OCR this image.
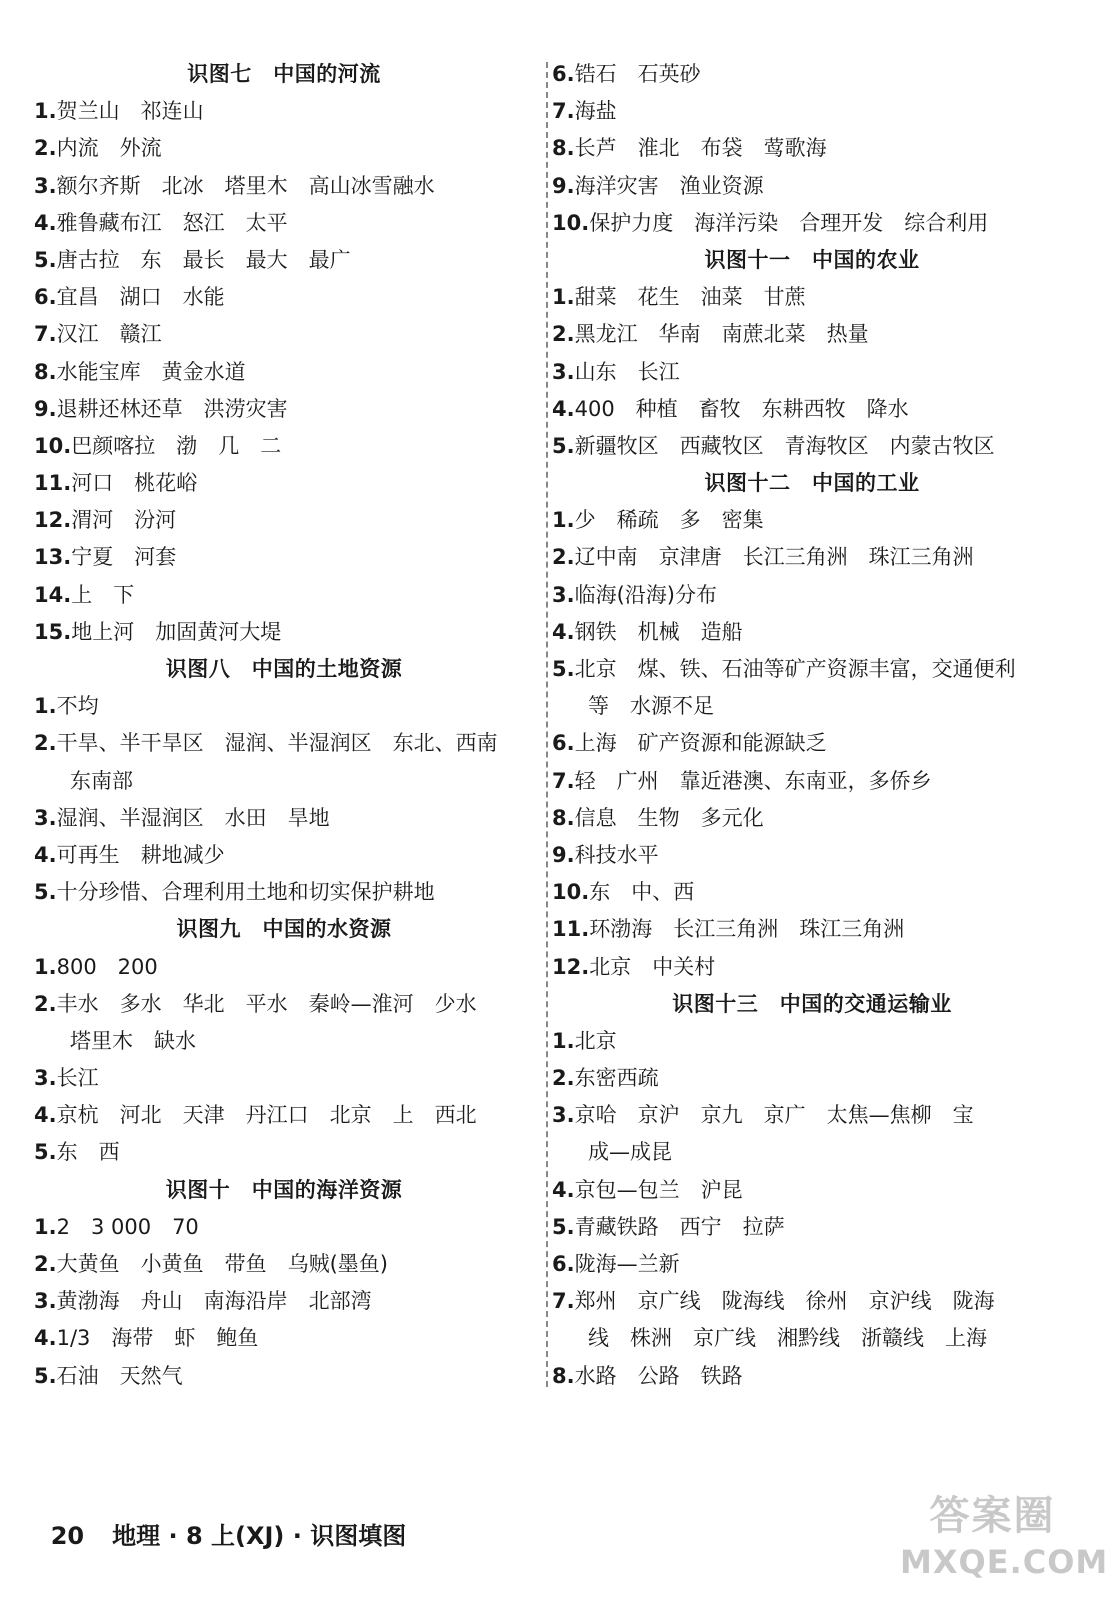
识图七　中国的河流
1.贺兰山　祁连山
2.内流　外流
3.额尔齐斯　北冰　塔里木　高山冰雪融水
4.雅鲁藏布江　怒江　太平
5.唐古拉　东　最长　最大　最广
6.宜昌　湖口　水能
7.汉江　赣江
8.水能宝库　黄金水道
9.退耕还林还草　洪涝灾害
10.巴颜喀拉　渤　几　二
11.河口　桃花峪
12.渭河　汾河
13.宁夏　河套
14.上　下
15.地上河　加固黄河大堤
识图八　中国的土地资源
1.不均
2.干旱、半干旱区　湿润、半湿润区　东北、西南
东南部
3.湿润、半湿润区　水田　旱地
4.可再生　耕地减少
5.十分珍惜、合理利用土地和切实保护耕地
识图九　中国的水资源
1.800　200
2.丰水　多水　华北　平水　秦岭—淮河　少水
塔里木　缺水
3.长江
4.京杭　河北　天津　丹江口　北京　上　西北
5.东　西
识图十　中国的海洋资源
1.2　3 000　70
2.大黄鱼　小黄鱼　带鱼　乌贼(墨鱼)
3.黄渤海　舟山　南海沿岸　北部湾
4.1/3　海带　虾　鲍鱼
5.石油　天然气
6.锆石　石英砂
7.海盐
8.长芦　淮北　布袋　莺歌海
9.海洋灾害　渔业资源
10.保护力度　海洋污染　合理开发　综合利用
识图十一　中国的农业
1.甜菜　花生　油菜　甘蔗
2.黑龙江　华南　南蔗北菜　热量
3.山东　长江
4.400　种植　畜牧　东耕西牧　降水
5.新疆牧区　西藏牧区　青海牧区　内蒙古牧区
识图十二　中国的工业
1.少　稀疏　多　密集
2.辽中南　京津唐　长江三角洲　珠江三角洲
3.临海(沿海)分布
4.钢铁　机械　造船
5.北京　煤、铁、石油等矿产资源丰富，交通便利
等　水源不足
6.上海　矿产资源和能源缺乏
7.轻　广州　靠近港澳、东南亚，多侨乡
8.信息　生物　多元化
9.科技水平
10.东　中、西
11.环渤海　长江三角洲　珠江三角洲
12.北京　中关村
识图十三　中国的交通运输业
1.北京
2.东密西疏
3.京哈　京沪　京九　京广　太焦—焦柳　宝
成—成昆
4.京包—包兰　沪昆
5.青藏铁路　西宁　拉萨
6.陇海—兰新
7.郑州　京广线　陇海线　徐州　京沪线　陇海
线　株洲　京广线　湘黔线　浙赣线　上海
8.水路　公路　铁路

20 地理 · 8 上(XJ) · 识图填图	答案圈
MXQE.COM
